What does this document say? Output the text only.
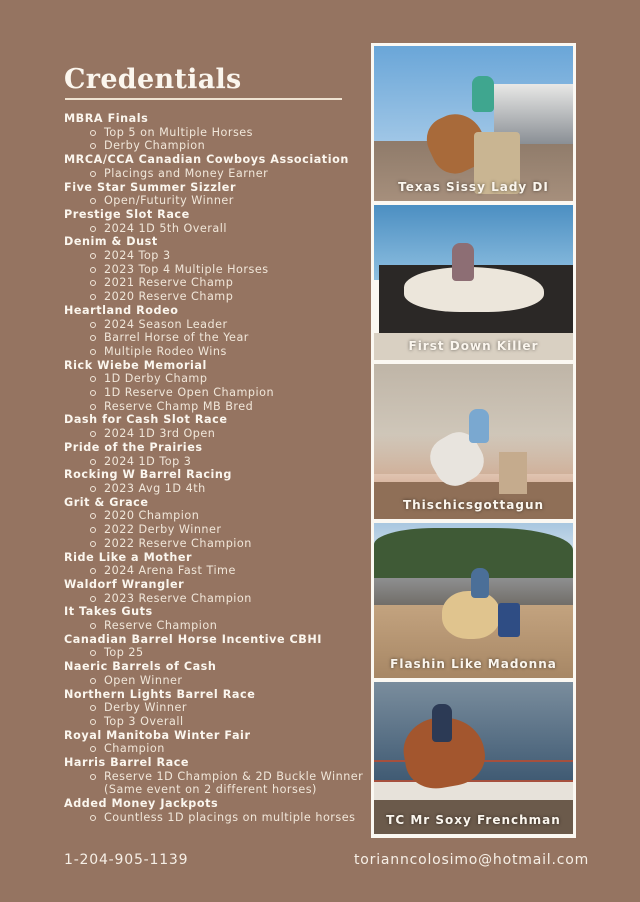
Credentials
MBRA Finals
Top 5 on Multiple Horses
Derby Champion
MRCA/CCA Canadian Cowboys Association
Placings and Money Earner
Five Star Summer Sizzler
Open/Futurity Winner
Prestige Slot Race
2024 1D 5th Overall
Denim & Dust
2024 Top 3
2023 Top 4 Multiple Horses
2021 Reserve Champ
2020 Reserve Champ
Heartland Rodeo
2024 Season Leader
Barrel Horse of the Year
Multiple Rodeo Wins
Rick Wiebe Memorial
1D Derby Champ
1D Reserve Open Champion
Reserve Champ MB Bred
Dash for Cash Slot Race
2024 1D 3rd Open
Pride of the Prairies
2024 1D Top 3
Rocking W Barrel Racing
2023 Avg 1D 4th
Grit & Grace
2020 Champion
2022 Derby Winner
2022 Reserve Champion
Ride Like a Mother
2024 Arena Fast Time
Waldorf Wrangler
2023 Reserve Champion
It Takes Guts
Reserve Champion
Canadian Barrel Horse Incentive CBHI
Top 25
Naeric Barrels of Cash
Open Winner
Northern Lights Barrel Race
Derby Winner
Top 3 Overall
Royal Manitoba Winter Fair
Champion
Harris Barrel Race
Reserve 1D Champion & 2D Buckle Winner
(Same event on 2 different horses)
Added Money Jackpots
Countless 1D placings on multiple horses
Texas Sissy Lady DI
First Down Killer
Thischicsgottagun
Flashin Like Madonna
TC Mr Soxy Frenchman
1-204-905-1139	torianncolosimo@hotmail.com
